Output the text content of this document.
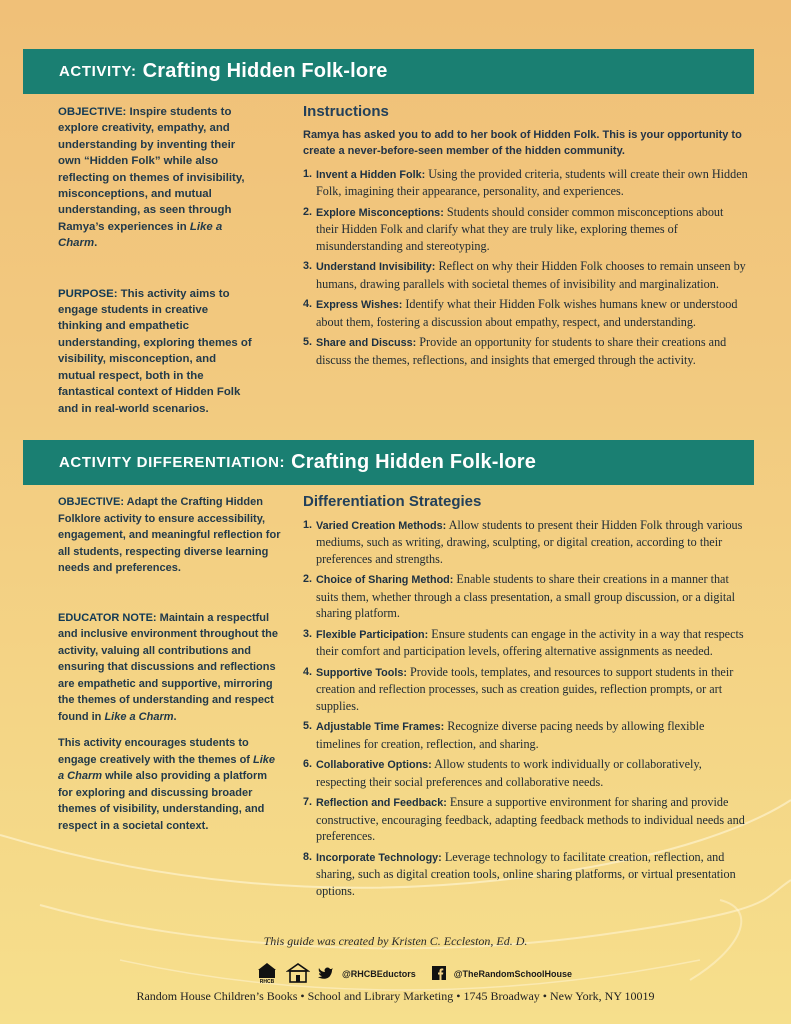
ACTIVITY: Crafting Hidden Folk-lore

OBJECTIVE: Inspire students to explore creativity, empathy, and understanding by inventing their own “Hidden Folk” while also reflecting on themes of invisibility, misconceptions, and mutual understanding, as seen through Ramya’s experiences in Like a Charm.

PURPOSE: This activity aims to engage students in creative thinking and empathetic understanding, exploring themes of visibility, misconception, and mutual respect, both in the fantastical context of Hidden Folk and in real-world scenarios.

Instructions

Ramya has asked you to add to her book of Hidden Folk. This is your opportunity to create a never-before-seen member of the hidden community.

1. Invent a Hidden Folk: Using the provided criteria, students will create their own Hidden Folk, imagining their appearance, personality, and experiences.
2. Explore Misconceptions: Students should consider common misconceptions about their Hidden Folk and clarify what they are truly like, exploring themes of misunderstanding and stereotyping.
3. Understand Invisibility: Reflect on why their Hidden Folk chooses to remain unseen by humans, drawing parallels with societal themes of invisibility and marginalization.
4. Express Wishes: Identify what their Hidden Folk wishes humans knew or understood about them, fostering a discussion about empathy, respect, and understanding.
5. Share and Discuss: Provide an opportunity for students to share their creations and discuss the themes, reflections, and insights that emerged through the activity.
ACTIVITY DIFFERENTIATION: Crafting Hidden Folk-lore

OBJECTIVE: Adapt the Crafting Hidden Folklore activity to ensure accessibility, engagement, and meaningful reflection for all students, respecting diverse learning needs and preferences.

EDUCATOR NOTE: Maintain a respectful and inclusive environment throughout the activity, valuing all contributions and ensuring that discussions and reflections are empathetic and supportive, mirroring the themes of understanding and respect found in Like a Charm.

This activity encourages students to engage creatively with the themes of Like a Charm while also providing a platform for exploring and discussing broader themes of visibility, understanding, and respect in a societal context.

Differentiation Strategies
1. Varied Creation Methods: Allow students to present their Hidden Folk through various mediums, such as writing, drawing, sculpting, or digital creation, according to their preferences and strengths.
2. Choice of Sharing Method: Enable students to share their creations in a manner that suits them, whether through a class presentation, a small group discussion, or a digital sharing platform.
3. Flexible Participation: Ensure students can engage in the activity in a way that respects their comfort and participation levels, offering alternative assignments as needed.
4. Supportive Tools: Provide tools, templates, and resources to support students in their creation and reflection processes, such as creation guides, reflection prompts, or art supplies.
5. Adjustable Time Frames: Recognize diverse pacing needs by allowing flexible timelines for creation, reflection, and sharing.
6. Collaborative Options: Allow students to work individually or collaboratively, respecting their social preferences and collaborative needs.
7. Reflection and Feedback: Ensure a supportive environment for sharing and provide constructive, encouraging feedback, adapting feedback methods to individual needs and preferences.
8. Incorporate Technology: Leverage technology to facilitate creation, reflection, and sharing, such as digital creation tools, online sharing platforms, or virtual presentation options.
This guide was created by Kristen C. Eccleston, Ed. D.
RHCB
@RHCBEductors	@TheRandomSchoolHouse
Random House Children’s Books • School and Library Marketing • 1745 Broadway • New York, NY 10019
